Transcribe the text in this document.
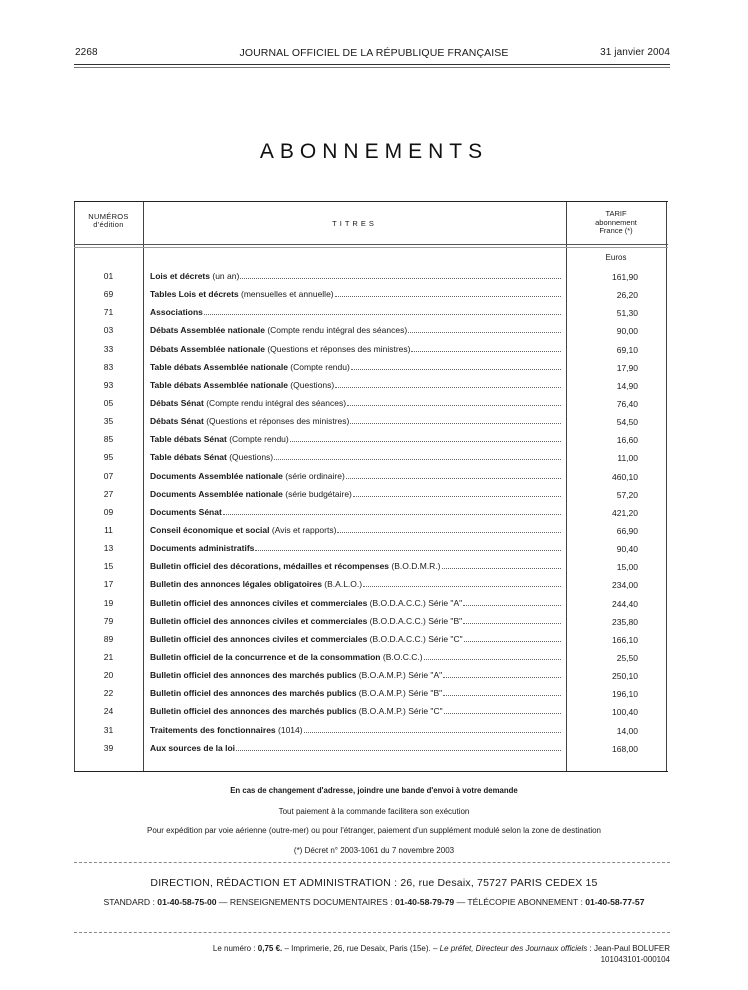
2268	JOURNAL OFFICIEL DE LA RÉPUBLIQUE FRANÇAISE	31 janvier 2004
ABONNEMENTS
NUMÉROS
d'édition	TITRES
TARIF
abonnement
France (*)
Euros
01	Lois et décrets (un an)	161,90
69	Tables Lois et décrets (mensuelles et annuelle)	26,20
71	Associations	51,30
03	Débats Assemblée nationale (Compte rendu intégral des séances)	90,00
33	Débats Assemblée nationale (Questions et réponses des ministres)	69,10
83	Table débats Assemblée nationale (Compte rendu)	17,90
93	Table débats Assemblée nationale (Questions)	14,90
05	Débats Sénat (Compte rendu intégral des séances)	76,40
35	Débats Sénat (Questions et réponses des ministres)	54,50
85	Table débats Sénat (Compte rendu)	16,60
95	Table débats Sénat (Questions)	11,00
07	Documents Assemblée nationale (série ordinaire)	460,10
27	Documents Assemblée nationale (série budgétaire)	57,20
09	Documents Sénat	421,20
11	Conseil économique et social (Avis et rapports)	66,90
13	Documents administratifs	90,40
15	Bulletin officiel des décorations, médailles et récompenses (B.O.D.M.R.)	15,00
17	Bulletin des annonces légales obligatoires (B.A.L.O.)	234,00
19	Bulletin officiel des annonces civiles et commerciales (B.O.D.A.C.C.) Série "A"	244,40
79	Bulletin officiel des annonces civiles et commerciales (B.O.D.A.C.C.) Série "B"	235,80
89	Bulletin officiel des annonces civiles et commerciales (B.O.D.A.C.C.) Série "C"	166,10
21	Bulletin officiel de la concurrence et de la consommation (B.O.C.C.)	25,50
20	Bulletin officiel des annonces des marchés publics (B.O.A.M.P.) Série "A"	250,10
22	Bulletin officiel des annonces des marchés publics (B.O.A.M.P.) Série "B"	196,10
24	Bulletin officiel des annonces des marchés publics (B.O.A.M.P.) Série "C"	100,40
31	Traitements des fonctionnaires (1014)	14,00
39	Aux sources de la loi	168,00
En cas de changement d'adresse, joindre une bande d'envoi à votre demande
Tout paiement à la commande facilitera son exécution
Pour expédition par voie aérienne (outre-mer) ou pour l'étranger, paiement d'un supplément modulé selon la zone de destination
(*) Décret n° 2003-1061 du 7 novembre 2003
DIRECTION, RÉDACTION ET ADMINISTRATION : 26, rue Desaix, 75727 PARIS CEDEX 15
STANDARD : 01-40-58-75-00 — RENSEIGNEMENTS DOCUMENTAIRES : 01-40-58-79-79 — TÉLÉCOPIE ABONNEMENT : 01-40-58-77-57
Le numéro : 0,75 €. – Imprimerie, 26, rue Desaix, Paris (15e). – Le préfet, Directeur des Journaux officiels : Jean-Paul BOLUFER
101043101-000104
